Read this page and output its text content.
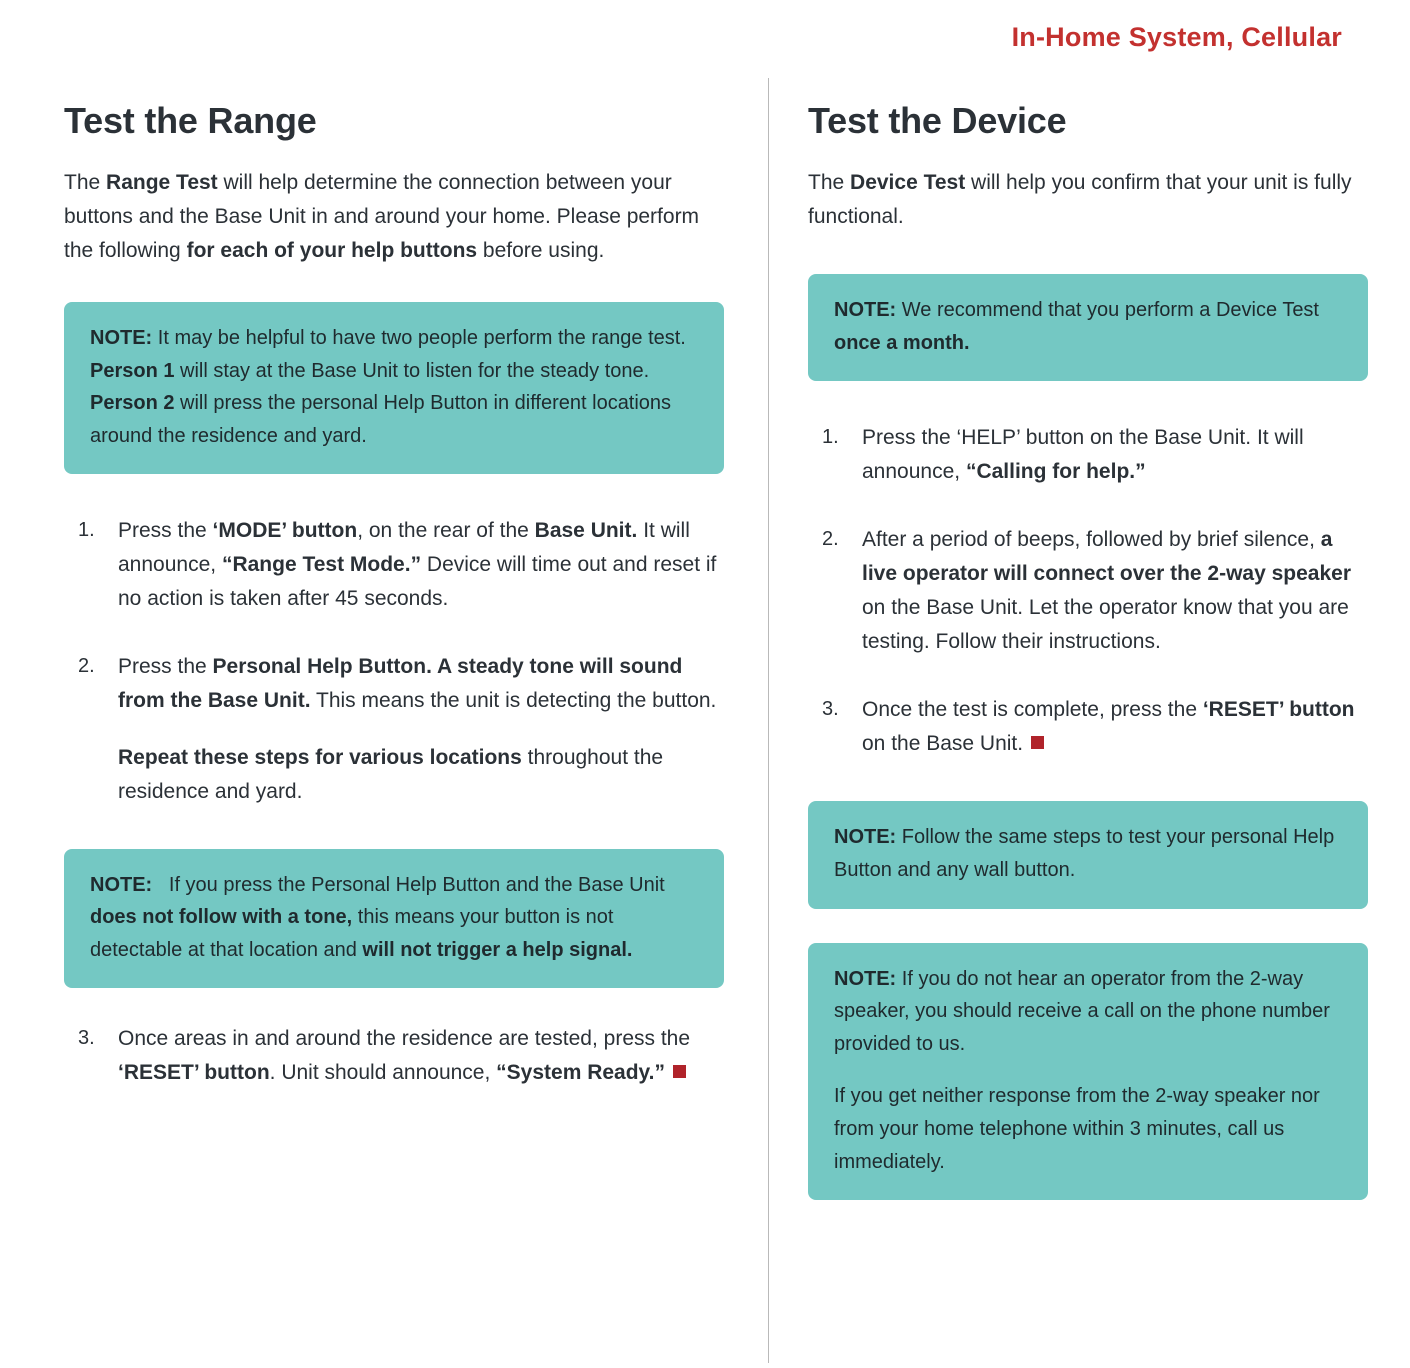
In-Home System, Cellular
Test the Range

The Range Test will help determine the connection between your buttons and the Base Unit in and around your home. Please perform the following for each of your help buttons before using.

NOTE: It may be helpful to have two people perform the range test. Person 1 will stay at the Base Unit to listen for the steady tone. Person 2 will press the personal Help Button in different locations around the residence and yard.

Press the ‘MODE’ button, on the rear of the Base Unit. It will announce, “Range Test Mode.” Device will time out and reset if no action is taken after 45 seconds.
Press the Personal Help Button. A steady tone will sound from the Base Unit. This means the unit is detecting the button.
Repeat these steps for various locations throughout the residence and yard.

NOTE:   If you press the Personal Help Button and the Base Unit does not follow with a tone, this means your button is not detectable at that location and will not trigger a help signal.

Once areas in and around the residence are tested, press the ‘RESET’ button. Unit should announce, “System Ready.”
Test the Device

The Device Test will help you confirm that your unit is fully functional.

NOTE: We recommend that you perform a Device Test once a month.

Press the ‘HELP’ button on the Base Unit. It will announce, “Calling for help.”
After a period of beeps, followed by brief silence, a live operator will connect over the 2-way speaker on the Base Unit. Let the operator know that you are testing. Follow their instructions.
Once the test is complete, press the ‘RESET’ button on the Base Unit.

NOTE: Follow the same steps to test your personal Help Button and any wall button.

NOTE: If you do not hear an operator from the 2-way speaker, you should receive a call on the phone number provided to us.

If you get neither response from the 2-way speaker nor from your home telephone within 3 minutes, call us immediately.
